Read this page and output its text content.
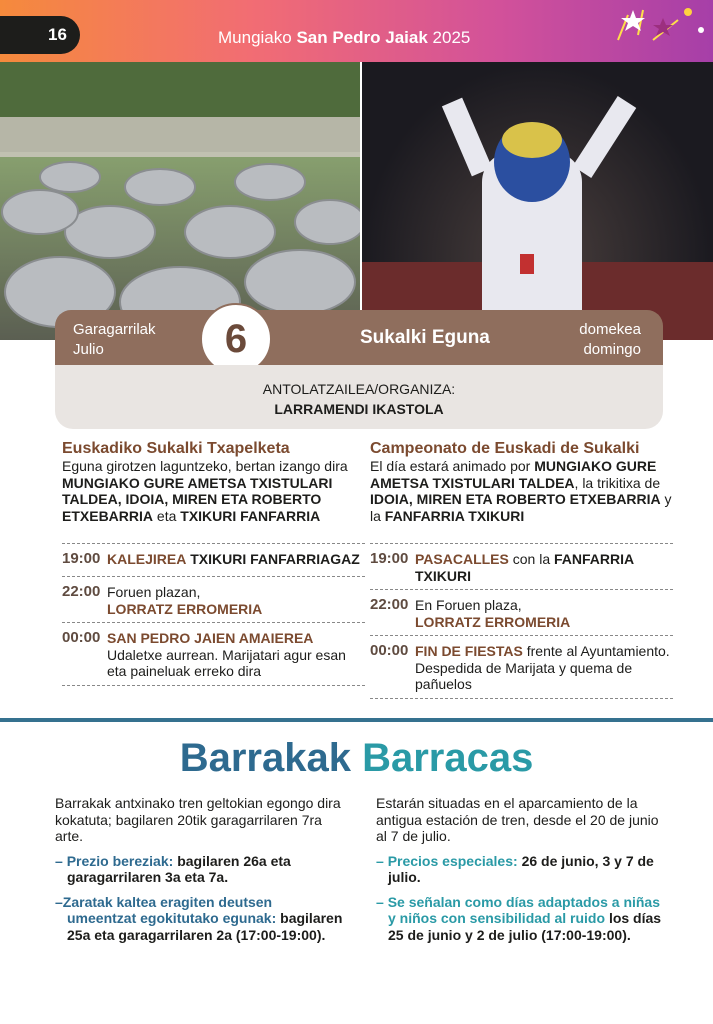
16	Mungiako San Pedro Jaiak 2025
Garagarrilak
Julio
Sukalki Eguna	domekea
domingo
6
ANTOLATZAILEA/ORGANIZA:
LARRAMENDI IKASTOLA
Euskadiko Sukalki Txapelketa
Eguna girotzen laguntzeko, bertan izango dira MUNGIAKO GURE AMETSA TXISTULARI TALDEA, IDOIA, MIREN ETA ROBERTO ETXEBARRIA eta TXIKURI FANFARRIA
19:00 KALEJIREA TXIKURI FANFARRIAGAZ
22:00 Foruen plazan,
LORRATZ ERROMERIA
00:00 SAN PEDRO JAIEN AMAIEREA
Udaletxe aurrean. Marijatari agur esan eta paineluak erreko dira
Campeonato de Euskadi de Sukalki
El día estará animado por MUNGIAKO GURE AMETSA TXISTULARI TALDEA, la trikitixa de IDOIA, MIREN ETA ROBERTO ETXEBARRIA y la FANFARRIA TXIKURI
19:00 PASACALLES con la FANFARRIA TXIKURI
22:00 En Foruen plaza,
LORRATZ ERROMERIA
00:00 FIN DE FIESTAS frente al Ayuntamiento. Despedida de Marijata y quema de pañuelos
Barrakak Barracas

Barrakak antxinako tren geltokian egongo dira kokatuta; bagilaren 20tik garagarrilaren 7ra arte.

– Prezio bereziak: bagilaren 26a eta garagarrilaren 3a eta 7a.
–Zaratak kaltea eragiten deutsen umeentzat egokitutako egunak: bagilaren 25a eta garagarrilaren 2a (17:00-19:00).

Estarán situadas en el aparcamiento de la antigua estación de tren, desde el 20 de junio al 7 de julio.

– Precios especiales: 26 de junio, 3 y 7 de julio.
– Se señalan como días adaptados a niñas y niños con sensibilidad al ruido los días 25 de junio y 2 de julio (17:00-19:00).
